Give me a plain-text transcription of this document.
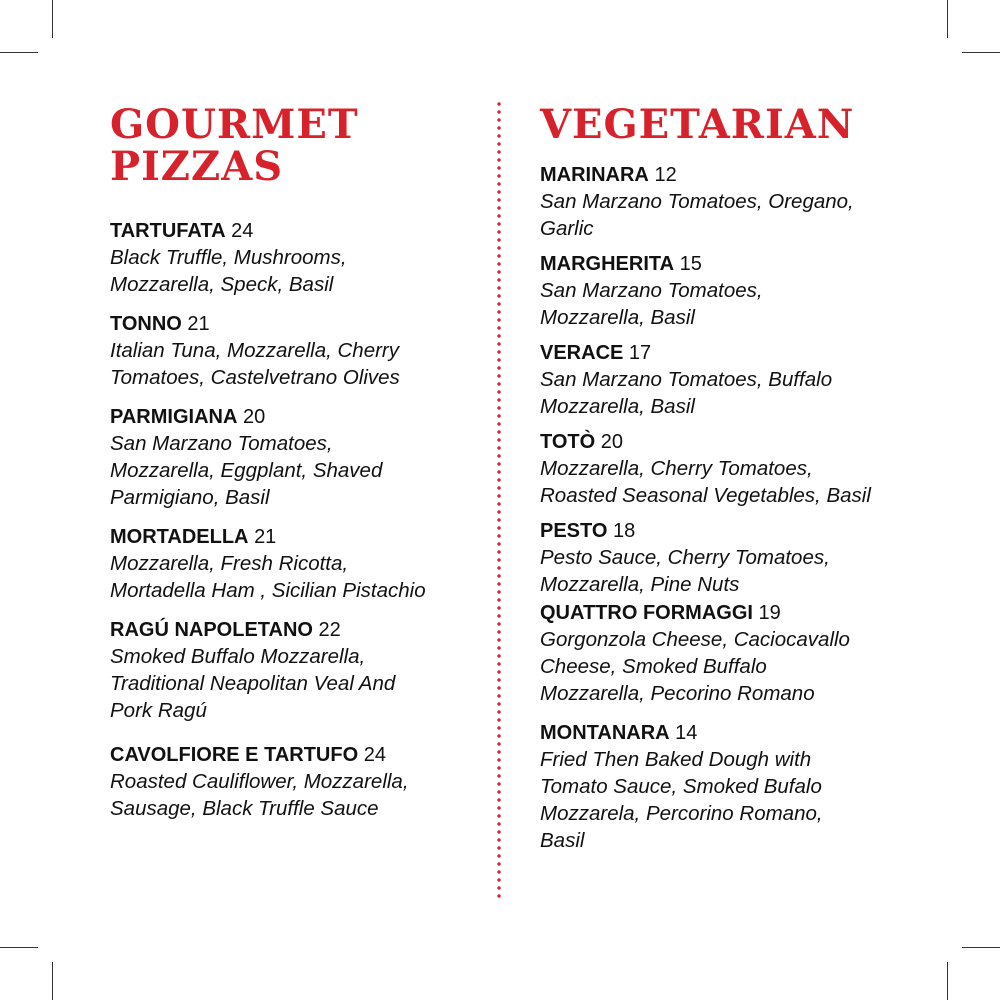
GOURMET
PIZZAS
TARTUFATA 24
Black Truffle, Mushrooms,
Mozzarella, Speck, Basil
TONNO 21
Italian Tuna, Mozzarella, Cherry
Tomatoes, Castelvetrano Olives
PARMIGIANA 20
San Marzano Tomatoes,
Mozzarella, Eggplant, Shaved
Parmigiano, Basil
MORTADELLA 21
Mozzarella, Fresh Ricotta,
Mortadella Ham , Sicilian Pistachio
RAGÚ NAPOLETANO 22
Smoked Buffalo Mozzarella,
Traditional Neapolitan Veal And
Pork Ragú
CAVOLFIORE E TARTUFO 24
Roasted Cauliflower, Mozzarella,
Sausage, Black Truffle Sauce
VEGETARIAN
MARINARA 12
San Marzano Tomatoes, Oregano,
Garlic
MARGHERITA 15
San Marzano Tomatoes,
Mozzarella, Basil
VERACE 17
San Marzano Tomatoes, Buffalo
Mozzarella, Basil
TOTÒ 20
Mozzarella, Cherry Tomatoes,
Roasted Seasonal Vegetables, Basil
PESTO 18
Pesto Sauce, Cherry Tomatoes,
Mozzarella, Pine Nuts
QUATTRO FORMAGGI 19
Gorgonzola Cheese, Caciocavallo
Cheese, Smoked Buffalo
Mozzarella, Pecorino Romano
MONTANARA 14
Fried Then Baked Dough with
Tomato Sauce, Smoked Bufalo
Mozzarela, Percorino Romano,
Basil
